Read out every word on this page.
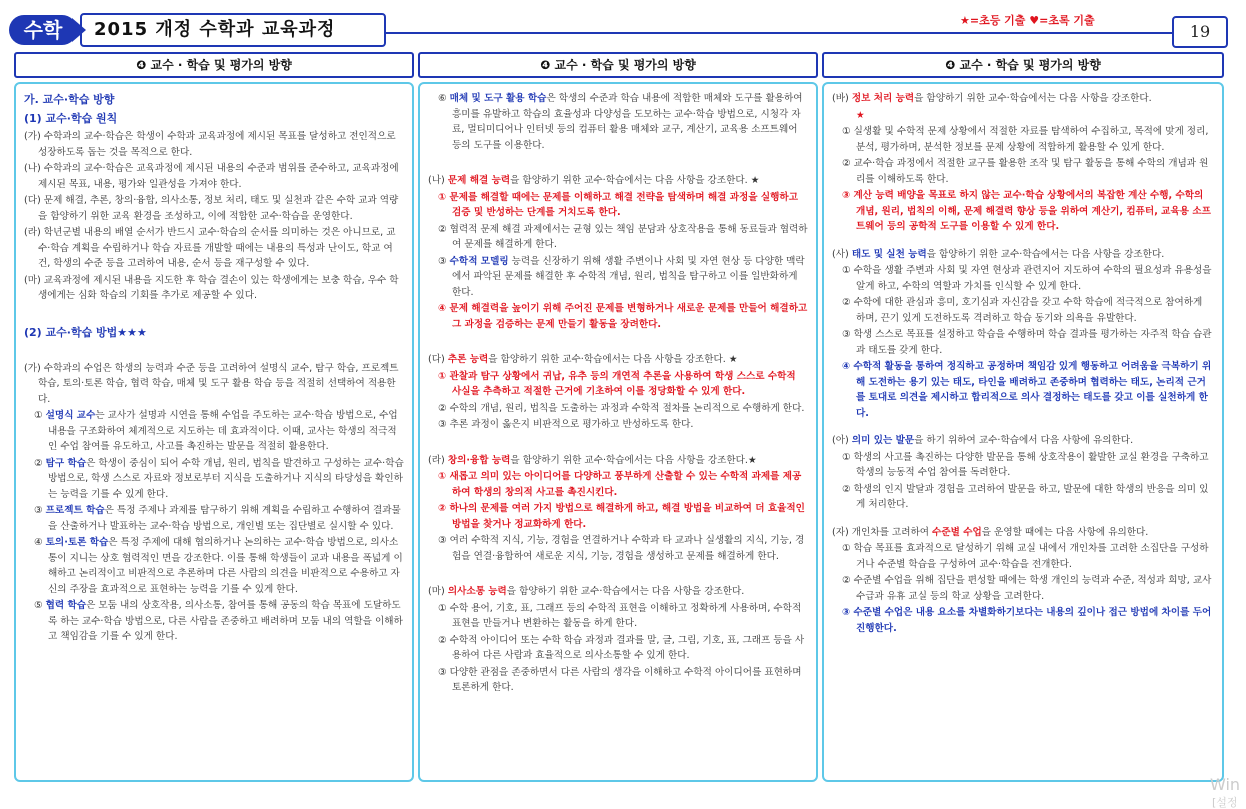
수학	2015 개정 수학과 교육과정	★=초등 기출 ♥=초록 기출
19
❹ 교수 · 학습 및 평가의 방향	❹ 교수 · 학습 및 평가의 방향	❹ 교수 · 학습 및 평가의 방향
가. 교수·학습 방향
(1) 교수·학습 원칙
(가) 수학과의 교수·학습은 학생이 수학과 교육과정에 제시된 목표를 달성하고 전인적으로 성장하도록 돕는 것을 목적으로 한다.
(나) 수학과의 교수·학습은 교육과정에 제시된 내용의 수준과 범위를 준수하고, 교육과정에 제시된 목표, 내용, 평가와 일관성을 가져야 한다.
(다) 문제 해결, 추론, 창의·융합, 의사소통, 정보 처리, 태도 및 실천과 같은 수학 교과 역량을 함양하기 위한 교육 환경을 조성하고, 이에 적합한 교수·학습을 운영한다.
(라) 학년군별 내용의 배열 순서가 반드시 교수·학습의 순서를 의미하는 것은 아니므로, 교수·학습 계획을 수립하거나 학습 자료를 개발할 때에는 내용의 특성과 난이도, 학교 여건, 학생의 수준 등을 고려하여 내용, 순서 등을 재구성할 수 있다.
(마) 교육과정에 제시된 내용을 지도한 후 학습 결손이 있는 학생에게는 보충 학습, 우수 학생에게는 심화 학습의 기회를 추가로 제공할 수 있다.
(2) 교수·학습 방법★★★
(가) 수학과의 수업은 학생의 능력과 수준 등을 고려하여 설명식 교수, 탐구 학습, 프로젝트 학습, 토의·토론 학습, 협력 학습, 매체 및 도구 활용 학습 등을 적절히 선택하여 적용한다.
① 설명식 교수는 교사가 설명과 시연을 통해 수업을 주도하는 교수·학습 방법으로, 수업 내용을 구조화하여 체계적으로 지도하는 데 효과적이다. 이때, 교사는 학생의 적극적인 수업 참여를 유도하고, 사고를 촉진하는 발문을 적절히 활용한다.
② 탐구 학습은 학생이 중심이 되어 수학 개념, 원리, 법칙을 발견하고 구성하는 교수·학습 방법으로, 학생 스스로 자료와 정보로부터 지식을 도출하거나 지식의 타당성을 확인하는 능력을 기를 수 있게 한다.
③ 프로젝트 학습은 특정 주제나 과제를 탐구하기 위해 계획을 수립하고 수행하여 결과물을 산출하거나 발표하는 교수·학습 방법으로, 개인별 또는 집단별로 실시할 수 있다.
④ 토의·토론 학습은 특정 주제에 대해 협의하거나 논의하는 교수·학습 방법으로, 의사소통이 지니는 상호 협력적인 면을 강조한다. 이를 통해 학생들이 교과 내용을 폭넓게 이해하고 논리적이고 비판적으로 추론하며 다른 사람의 의견을 비판적으로 수용하고 자신의 주장을 효과적으로 표현하는 능력을 기를 수 있게 한다.
⑤ 협력 학습은 모둠 내의 상호작용, 의사소통, 참여를 통해 공동의 학습 목표에 도달하도록 하는 교수·학습 방법으로, 다른 사람을 존중하고 배려하며 모둠 내의 역할을 이해하고 책임감을 기를 수 있게 한다.
⑥ 매체 및 도구 활용 학습은 학생의 수준과 학습 내용에 적합한 매체와 도구를 활용하여 흥미를 유발하고 학습의 효율성과 다양성을 도모하는 교수·학습 방법으로, 시청각 자료, 멀티미디어나 인터넷 등의 컴퓨터 활용 매체와 교구, 계산기, 교육용 소프트웨어 등의 도구를 이용한다.
(나) 문제 해결 능력을 함양하기 위한 교수·학습에서는 다음 사항을 강조한다. ★
① 문제를 해결할 때에는 문제를 이해하고 해결 전략을 탐색하며 해결 과정을 실행하고 검증 및 반성하는 단계를 거치도록 한다.
② 협력적 문제 해결 과제에서는 균형 있는 책임 분담과 상호작용을 통해 동료들과 협력하여 문제를 해결하게 한다.
③ 수학적 모델링 능력을 신장하기 위해 생활 주변이나 사회 및 자연 현상 등 다양한 맥락에서 파악된 문제를 해결한 후 수학적 개념, 원리, 법칙을 탐구하고 이를 일반화하게 한다.
④ 문제 해결력을 높이기 위해 주어진 문제를 변형하거나 새로운 문제를 만들어 해결하고 그 과정을 검증하는 문제 만들기 활동을 장려한다.
(다) 추론 능력을 함양하기 위한 교수·학습에서는 다음 사항을 강조한다. ★
① 관찰과 탐구 상황에서 귀납, 유추 등의 개연적 추론을 사용하여 학생 스스로 수학적 사실을 추측하고 적절한 근거에 기초하여 이를 정당화할 수 있게 한다.
② 수학의 개념, 원리, 법칙을 도출하는 과정과 수학적 절차를 논리적으로 수행하게 한다.
③ 추론 과정이 옳은지 비판적으로 평가하고 반성하도록 한다.
(라) 창의·융합 능력을 함양하기 위한 교수·학습에서는 다음 사항을 강조한다.★
① 새롭고 의미 있는 아이디어를 다양하고 풍부하게 산출할 수 있는 수학적 과제를 제공하여 학생의 창의적 사고를 촉진시킨다.
② 하나의 문제를 여러 가지 방법으로 해결하게 하고, 해결 방법을 비교하여 더 효율적인 방법을 찾거나 정교화하게 한다.
③ 여러 수학적 지식, 기능, 경험을 연결하거나 수학과 타 교과나 실생활의 지식, 기능, 경험을 연결·융합하여 새로운 지식, 기능, 경험을 생성하고 문제를 해결하게 한다.
(마) 의사소통 능력을 함양하기 위한 교수·학습에서는 다음 사항을 강조한다.
① 수학 용어, 기호, 표, 그래프 등의 수학적 표현을 이해하고 정확하게 사용하며, 수학적 표현을 만들거나 변환하는 활동을 하게 한다.
② 수학적 아이디어 또는 수학 학습 과정과 결과를 말, 글, 그림, 기호, 표, 그래프 등을 사용하여 다른 사람과 효율적으로 의사소통할 수 있게 한다.
③ 다양한 관점을 존중하면서 다른 사람의 생각을 이해하고 수학적 아이디어를 표현하며 토론하게 한다.
(바) 정보 처리 능력을 함양하기 위한 교수·학습에서는 다음 사항을 강조한다.
★
① 실생활 및 수학적 문제 상황에서 적절한 자료를 탐색하여 수집하고, 목적에 맞게 정리, 분석, 평가하며, 분석한 정보를 문제 상황에 적합하게 활용할 수 있게 한다.
② 교수·학습 과정에서 적절한 교구를 활용한 조작 및 탐구 활동을 통해 수학의 개념과 원리를 이해하도록 한다.
③ 계산 능력 배양을 목표로 하지 않는 교수·학습 상황에서의 복잡한 계산 수행, 수학의 개념, 원리, 법칙의 이해, 문제 해결력 향상 등을 위하여 계산기, 컴퓨터, 교육용 소프트웨어 등의 공학적 도구를 이용할 수 있게 한다.
(사) 태도 및 실천 능력을 함양하기 위한 교수·학습에서는 다음 사항을 강조한다.
① 수학을 생활 주변과 사회 및 자연 현상과 관련지어 지도하여 수학의 필요성과 유용성을 알게 하고, 수학의 역할과 가치를 인식할 수 있게 한다.
② 수학에 대한 관심과 흥미, 호기심과 자신감을 갖고 수학 학습에 적극적으로 참여하게 하며, 끈기 있게 도전하도록 격려하고 학습 동기와 의욕을 유발한다.
③ 학생 스스로 목표를 설정하고 학습을 수행하며 학습 결과를 평가하는 자주적 학습 습관과 태도를 갖게 한다.
④ 수학적 활동을 통하여 정직하고 공정하며 책임감 있게 행동하고 어려움을 극복하기 위해 도전하는 용기 있는 태도, 타인을 배려하고 존중하며 협력하는 태도, 논리적 근거를 토대로 의견을 제시하고 합리적으로 의사 결정하는 태도를 갖고 이를 실천하게 한다.
(아) 의미 있는 발문을 하기 위하여 교수·학습에서 다음 사항에 유의한다.
① 학생의 사고를 촉진하는 다양한 발문을 통해 상호작용이 활발한 교실 환경을 구축하고 학생의 능동적 수업 참여를 독려한다.
② 학생의 인지 발달과 경험을 고려하여 발문을 하고, 발문에 대한 학생의 반응을 의미 있게 처리한다.
(자) 개인차를 고려하여 수준별 수업을 운영할 때에는 다음 사항에 유의한다.
① 학습 목표를 효과적으로 달성하기 위해 교실 내에서 개인차를 고려한 소집단을 구성하거나 수준별 학습을 구성하여 교수·학습을 전개한다.
② 수준별 수업을 위해 집단을 편성할 때에는 학생 개인의 능력과 수준, 적성과 희망, 교사 수급과 유휴 교실 등의 학교 상황을 고려한다.
③ 수준별 수업은 내용 요소를 차별화하기보다는 내용의 깊이나 접근 방법에 차이를 두어 진행한다.
Win
[설정
